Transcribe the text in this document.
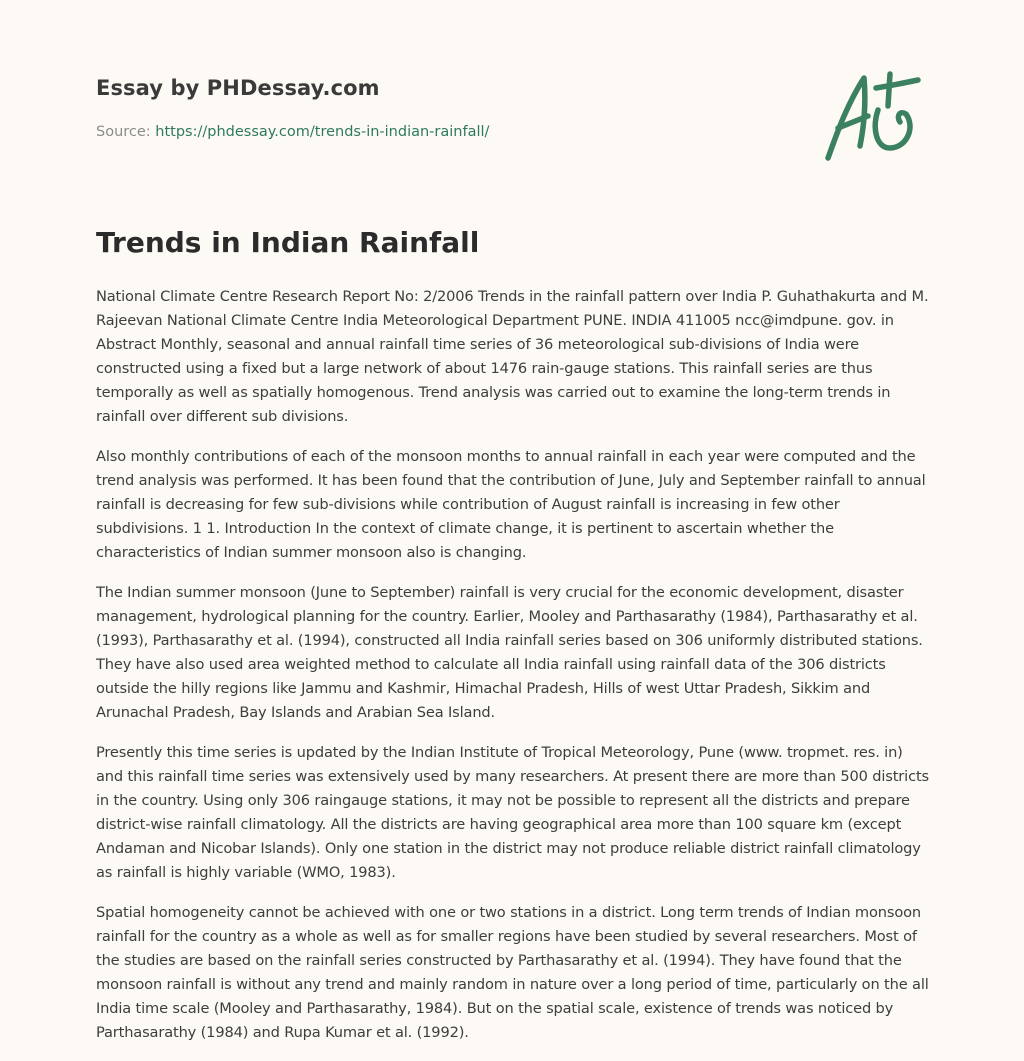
Essay by PHDessay.com
Source: https://phdessay.com/trends-in-indian-rainfall/
Trends in Indian Rainfall

National Climate Centre Research Report No: 2/2006 Trends in the rainfall pattern over India P. Guhathakurta and M. Rajeevan National Climate Centre India Meteorological Department PUNE. INDIA 411005 ncc@imdpune. gov. in Abstract Monthly, seasonal and annual rainfall time series of 36 meteorological sub-divisions of India were constructed using a fixed but a large network of about 1476 rain-gauge stations. This rainfall series are thus temporally as well as spatially homogenous. Trend analysis was carried out to examine the long-term trends in rainfall over different sub divisions.

Also monthly contributions of each of the monsoon months to annual rainfall in each year were computed and the trend analysis was performed. It has been found that the contribution of June, July and September rainfall to annual rainfall is decreasing for few sub-divisions while contribution of August rainfall is increasing in few other subdivisions. 1 1. Introduction In the context of climate change, it is pertinent to ascertain whether the characteristics of Indian summer monsoon also is changing.

The Indian summer monsoon (June to September) rainfall is very crucial for the economic development, disaster management, hydrological planning for the country. Earlier, Mooley and Parthasarathy (1984), Parthasarathy et al. (1993), Parthasarathy et al. (1994), constructed all India rainfall series based on 306 uniformly distributed stations. They have also used area weighted method to calculate all India rainfall using rainfall data of the 306 districts outside the hilly regions like Jammu and Kashmir, Himachal Pradesh, Hills of west Uttar Pradesh, Sikkim and Arunachal Pradesh, Bay Islands and Arabian Sea Island.

Presently this time series is updated by the Indian Institute of Tropical Meteorology, Pune (www. tropmet. res. in) and this rainfall time series was extensively used by many researchers. At present there are more than 500 districts in the country. Using only 306 raingauge stations, it may not be possible to represent all the districts and prepare district-wise rainfall climatology. All the districts are having geographical area more than 100 square km (except Andaman and Nicobar Islands). Only one station in the district may not produce reliable district rainfall climatology as rainfall is highly variable (WMO, 1983).

Spatial homogeneity cannot be achieved with one or two stations in a district. Long term trends of Indian monsoon rainfall for the country as a whole as well as for smaller regions have been studied by several researchers. Most of the studies are based on the rainfall series constructed by Parthasarathy et al. (1994). They have found that the monsoon rainfall is without any trend and mainly random in nature over a long period of time, particularly on the all India time scale (Mooley and Parthasarathy, 1984). But on the spatial scale, existence of trends was noticed by Parthasarathy (1984) and Rupa Kumar et al. (1992).
